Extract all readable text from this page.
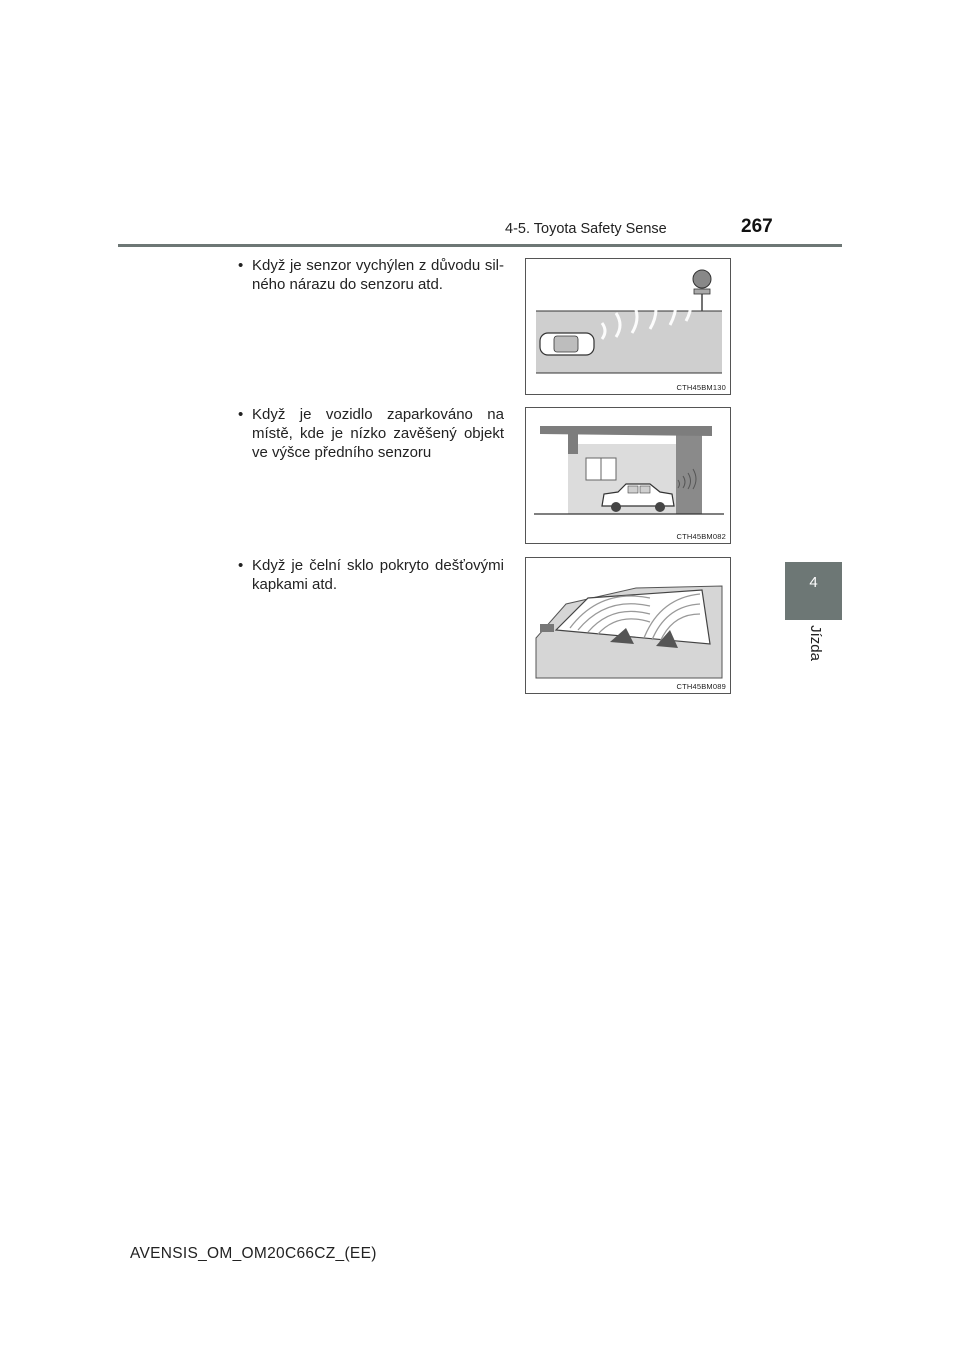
4-5. Toyota Safety Sense	267
4
Jízda
• Když je senzor vychýlen z důvodu sil-ného nárazu do senzoru atd.
CTH45BM130
• Když je vozidlo zaparkováno na místě, kde je nízko zavěšený objekt ve výšce předního senzoru
CTH45BM082
• Když je čelní sklo pokryto dešťovými kapkami atd.
CTH45BM089
AVENSIS_OM_OM20C66CZ_(EE)
